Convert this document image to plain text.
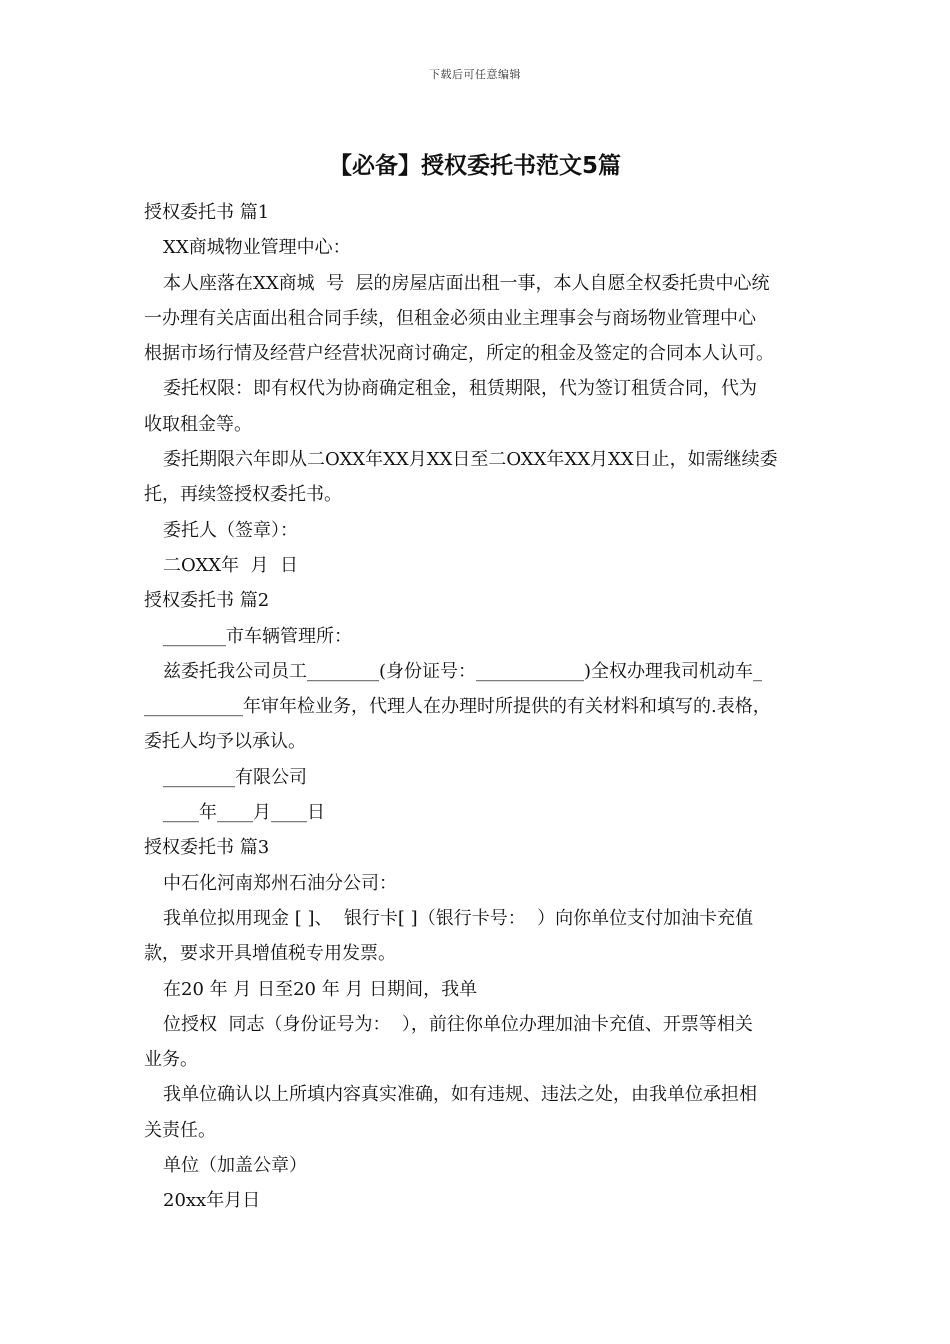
下载后可任意编辑
【必备】授权委托书范文5篇
授权委托书 篇1
XX商城物业管理中心：
本人座落在XX商城  号  层的房屋店面出租一事，本人自愿全权委托贵中心统
一办理有关店面出租合同手续，但租金必须由业主理事会与商场物业管理中心
根据市场行情及经营户经营状况商讨确定，所定的租金及签定的合同本人认可。
委托权限：即有权代为协商确定租金，租赁期限，代为签订租赁合同，代为
收取租金等。
委托期限六年即从二OXX年XX月XX日至二OXX年XX月XX日止，如需继续委
托，再续签授权委托书。
委托人（签章）：
二OXX年  月  日
授权委托书 篇2
_______市车辆管理所：
兹委托我公司员工________(身份证号：____________)全权办理我司机动车_
___________年审年检业务，代理人在办理时所提供的有关材料和填写的.表格，
委托人均予以承认。
________有限公司
____年____月____日
授权委托书 篇3
中石化河南郑州石油分公司：
我单位拟用现金 [ ]、  银行卡[ ]（银行卡号：  ）向你单位支付加油卡充值
款，要求开具增值税专用发票。
在20 年 月 日至20 年 月 日期间，我单
位授权  同志（身份证号为：  ），前往你单位办理加油卡充值、开票等相关
业务。
我单位确认以上所填内容真实准确，如有违规、违法之处，由我单位承担相
关责任。
单位（加盖公章）
20xx年月日
